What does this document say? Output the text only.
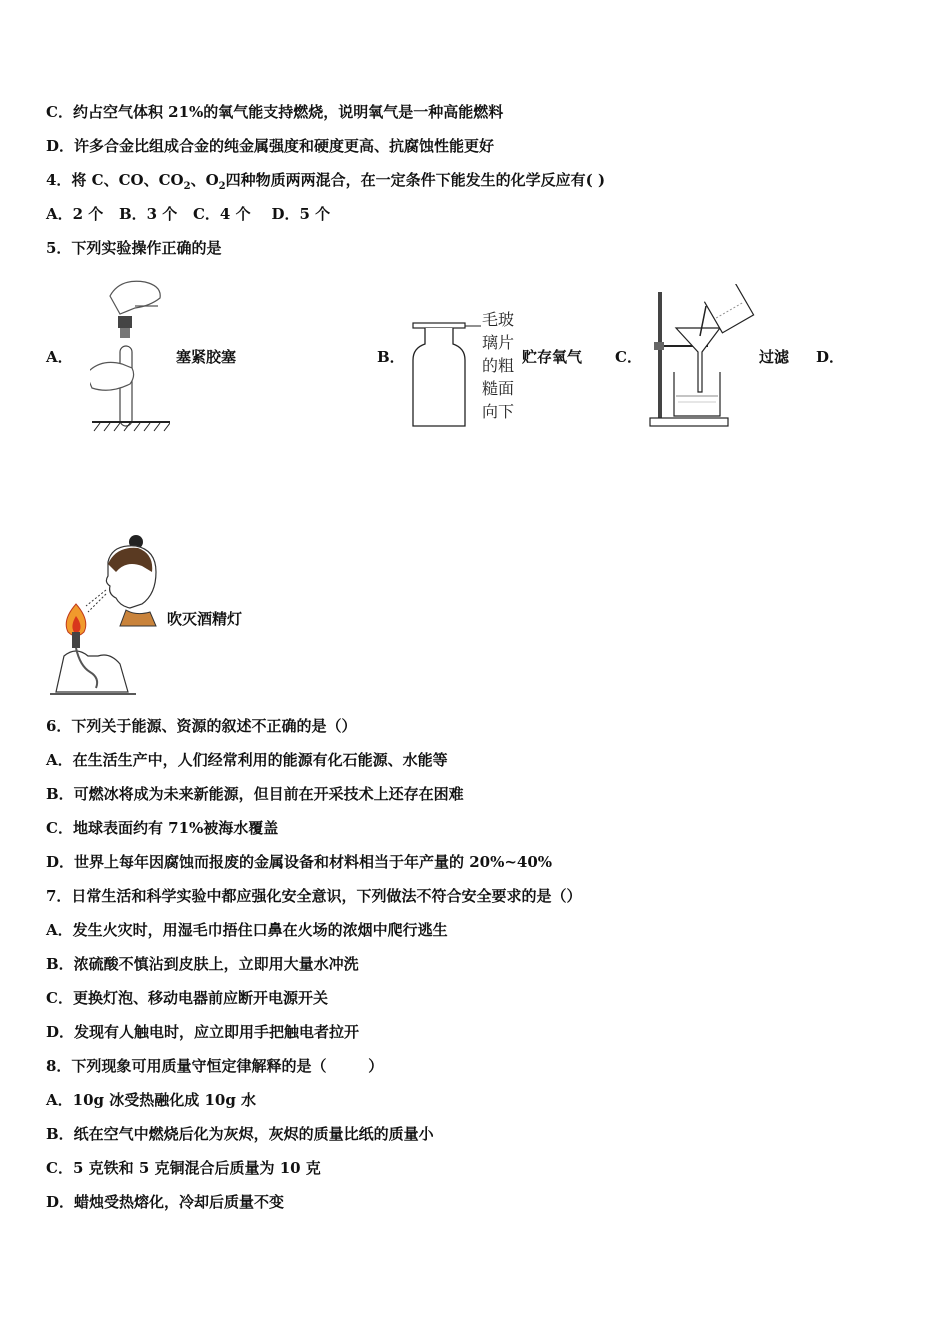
C．约占空气体积 21%的氧气能支持燃烧，说明氧气是一种高能燃料
D．许多合金比组成合金的纯金属强度和硬度更高、抗腐蚀性能更好
4．将 C、CO、$CO_2$、$O_2$四种物质两两混合，在一定条件下能发生的化学反应有( )
A．2 个   B．3 个   C．4 个    D．5 个
5．下列实验操作正确的是
A．	塞紧胶塞	B．
毛玻
璃片
的粗
糙面
向下
贮存氧气 C．	过滤 D．
吹灭酒精灯
6．下列关于能源、资源的叙述不正确的是（）
A．在生活生产中，人们经常利用的能源有化石能源、水能等
B．可燃冰将成为未来新能源，但目前在开采技术上还存在困难
C．地球表面约有 71%被海水覆盖
D．世界上每年因腐蚀而报废的金属设备和材料相当于年产量的 20%~40%
7．日常生活和科学实验中都应强化安全意识，下列做法不符合安全要求的是（）
A．发生火灾时，用湿毛巾捂住口鼻在火场的浓烟中爬行逃生
B．浓硫酸不慎沾到皮肤上，立即用大量水冲洗
C．更换灯泡、移动电器前应断开电源开关
D．发现有人触电时，应立即用手把触电者拉开
8．下列现象可用质量守恒定律解释的是（        ）
A．10g 冰受热融化成 10g 水
B．纸在空气中燃烧后化为灰烬，灰烬的质量比纸的质量小
C．5 克铁和 5 克铜混合后质量为 10 克
D．蜡烛受热熔化，冷却后质量不变
